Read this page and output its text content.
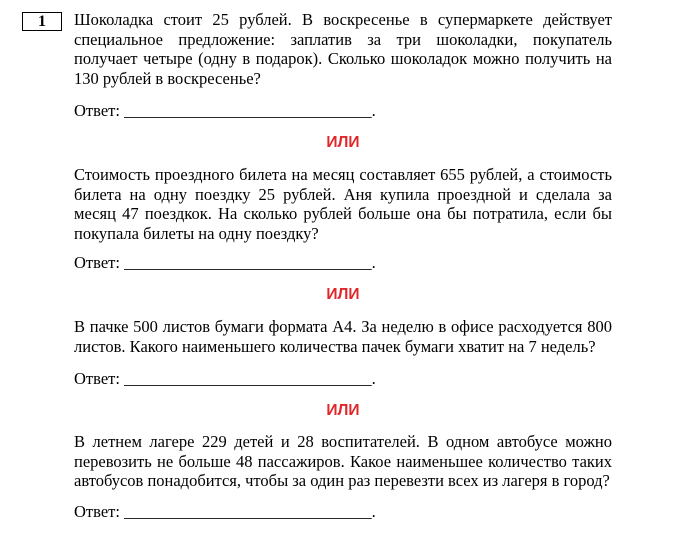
1	Шоколадка стоит 25 рублей. В воскресенье в супермаркете действует специальное предложение: заплатив за три шоколадки, покупатель получает четыре (одну в подарок). Сколько шоколадок можно получить на 130 рублей в воскресенье?

Ответ: ______________________________.

ИЛИ

Стоимость проездного билета на месяц составляет 655 рублей, а стоимость билета на одну поездку 25 рублей. Аня купила проездной и сделала за месяц 47 поездкок. На сколько рублей больше она бы потратила, если бы покупала билеты на одну поездку?

Ответ: ______________________________.

ИЛИ

В пачке 500 листов бумаги формата А4. За неделю в офисе расходуется 800 листов. Какого наименьшего количества пачек бумаги хватит на 7 недель?

Ответ: ______________________________.

ИЛИ

В летнем лагере 229 детей и 28 воспитателей. В одном автобусе можно перевозить не больше 48 пассажиров. Какое наименьшее количество таких автобусов понадобится, чтобы за один раз перевезти всех из лагеря в город?

Ответ: ______________________________.
